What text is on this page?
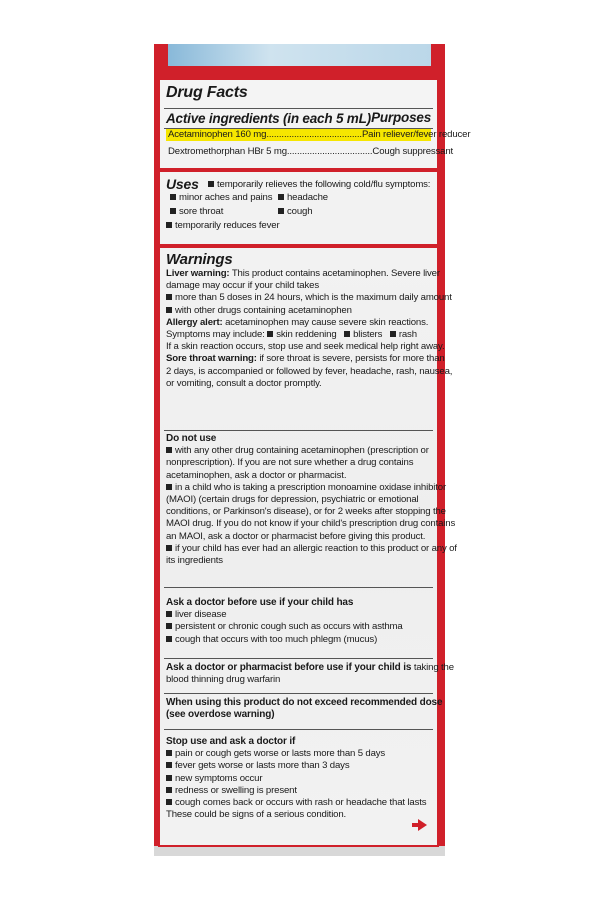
Drug Facts
Active ingredients (in each 5 mL) Purposes
Acetaminophen 160 mg......................................Pain reliever/fever reducer
Dextromethorphan HBr 5 mg..................................Cough suppressant
Uses	temporarily relieves the following cold/flu symptoms:
minor aches and pains	headache
sore throat	cough
temporarily reduces fever
Warnings
Liver warning: This product contains acetaminophen. Severe liver
damage may occur if your child takes
more than 5 doses in 24 hours, which is the maximum daily amount
with other drugs containing acetaminophen
Allergy alert: acetaminophen may cause severe skin reactions.
Symptoms may include: skin reddening blisters rash
If a skin reaction occurs, stop use and seek medical help right away.
Sore throat warning: if sore throat is severe, persists for more than
2 days, is accompanied or followed by fever, headache, rash, nausea,
or vomiting, consult a doctor promptly.
Do not use
with any other drug containing acetaminophen (prescription or
nonprescription). If you are not sure whether a drug contains
acetaminophen, ask a doctor or pharmacist.
in a child who is taking a prescription monoamine oxidase inhibitor
(MAOI) (certain drugs for depression, psychiatric or emotional
conditions, or Parkinson's disease), or for 2 weeks after stopping the
MAOI drug. If you do not know if your child's prescription drug contains
an MAOI, ask a doctor or pharmacist before giving this product.
if your child has ever had an allergic reaction to this product or any of
its ingredients
Ask a doctor before use if your child has
liver disease
persistent or chronic cough such as occurs with asthma
cough that occurs with too much phlegm (mucus)
Ask a doctor or pharmacist before use if your child is taking the
blood thinning drug warfarin
When using this product do not exceed recommended dose
(see overdose warning)
Stop use and ask a doctor if
pain or cough gets worse or lasts more than 5 days
fever gets worse or lasts more than 3 days
new symptoms occur
redness or swelling is present
cough comes back or occurs with rash or headache that lasts
These could be signs of a serious condition.
